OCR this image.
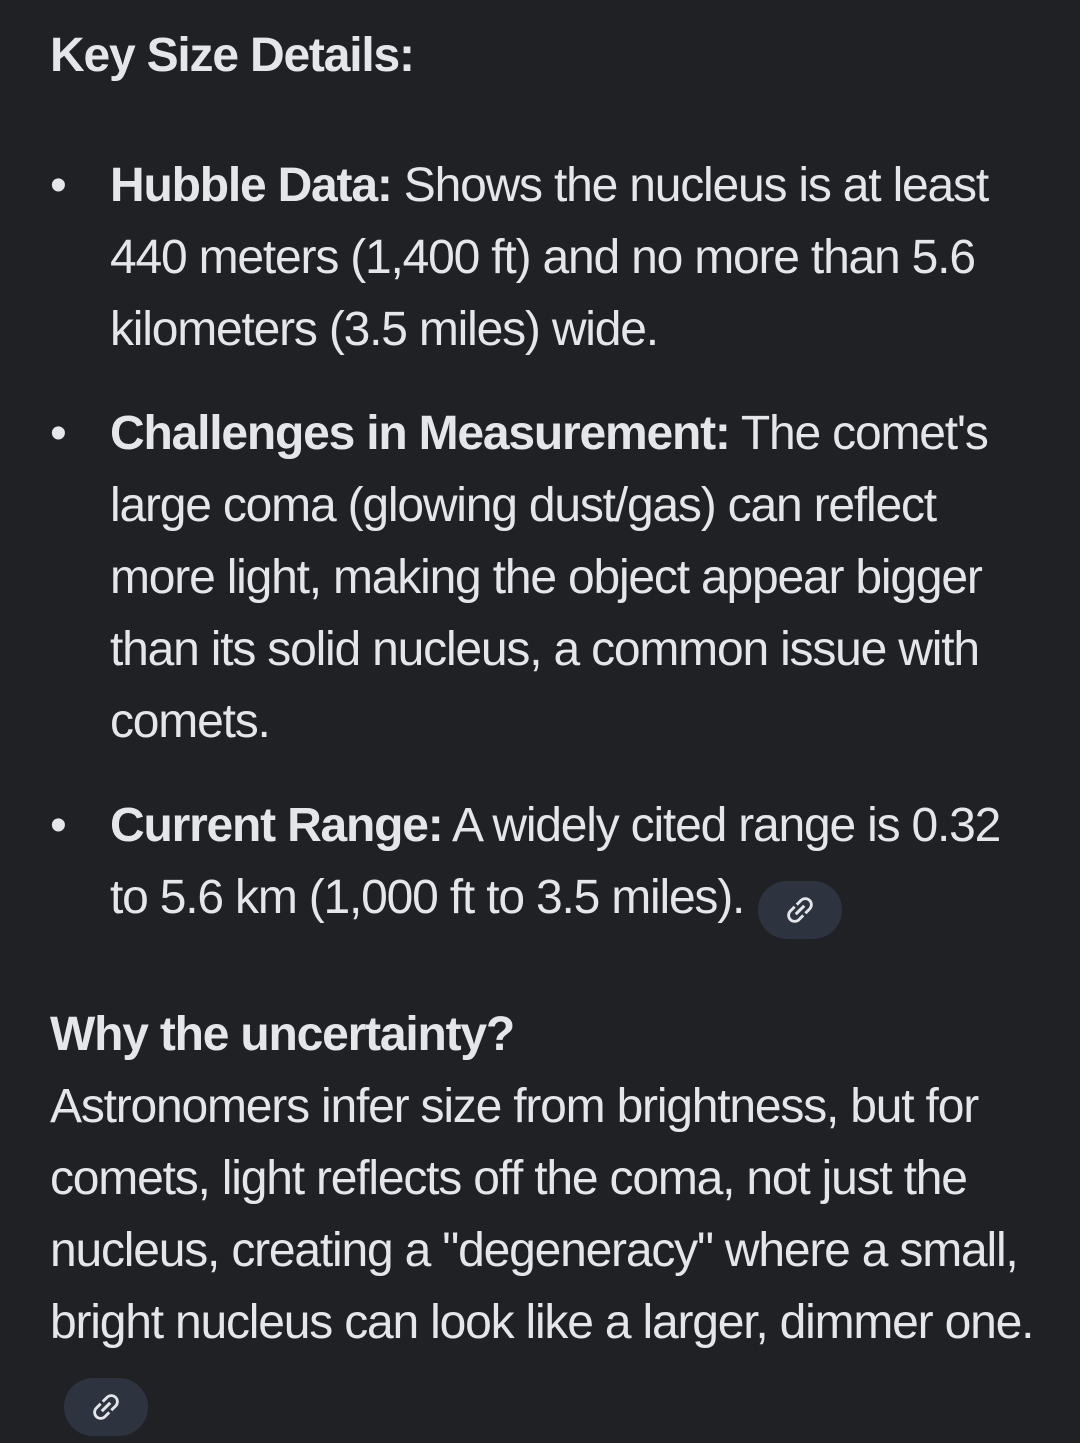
Key Size Details:
•
Hubble Data: Shows the nucleus is at least 440 meters (1,400 ft) and no more than 5.6 kilometers (3.5 miles) wide.
•
Challenges in Measurement: The comet's large coma (glowing dust/gas) can reflect more light, making the object appear bigger than its solid nucleus, a common issue with comets.
•
Current Range: A widely cited range is 0.32 to 5.6 km (1,000 ft to 3.5 miles).

Why the uncertainty?
Astronomers infer size from brightness, but for comets, light reflects off the coma, not just the nucleus, creating a "degeneracy" where a small, bright nucleus can look like a larger, dimmer one.
